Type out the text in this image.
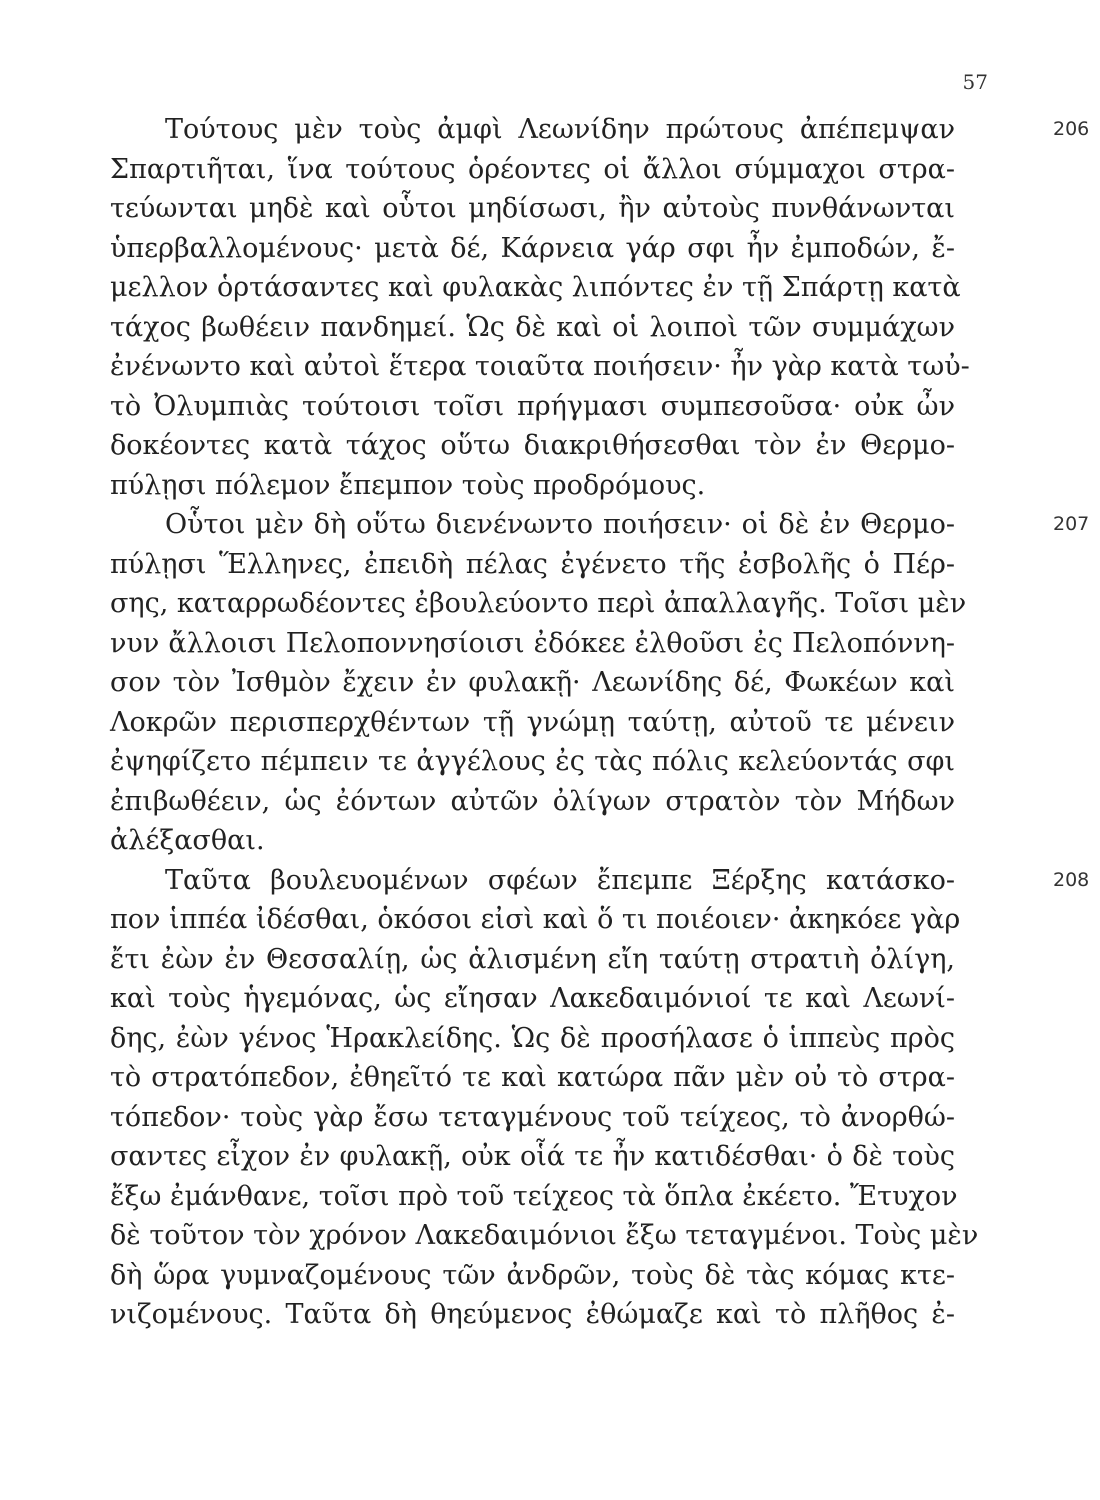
57
Τούτους μὲν τοὺς ἀμφὶ Λεωνίδην πρώτους ἀπέπεμψαν	206
Σπαρτιῆται, ἵνα τούτους ὁρέοντες οἱ ἄλλοι σύμμαχοι στρα-
τεύωνται μηδὲ καὶ οὗτοι μηδίσωσι, ἢν αὐτοὺς πυνθάνωνται
ὑπερβαλλομένους· μετὰ δέ, Κάρνεια γάρ σφι ἦν ἐμποδών, ἔ-
μελλον ὁρτάσαντες καὶ φυλακὰς λιπόντες ἐν τῇ Σπάρτῃ κατὰ
τάχος βωθέειν πανδημεί. Ὡς δὲ καὶ οἱ λοιποὶ τῶν συμμάχων
ἐνένωντο καὶ αὐτοὶ ἕτερα τοιαῦτα ποιήσειν· ἦν γὰρ κατὰ τωὐ-
τὸ Ὀλυμπιὰς τούτοισι τοῖσι πρήγμασι συμπεσοῦσα· οὐκ ὦν
δοκέοντες κατὰ τάχος οὕτω διακριθήσεσθαι τὸν ἐν Θερμο-
πύλῃσι πόλεμον ἔπεμπον τοὺς προδρόμους.
Οὗτοι μὲν δὴ οὕτω διενένωντο ποιήσειν· οἱ δὲ ἐν Θερμο-	207
πύλῃσι Ἕλληνες, ἐπειδὴ πέλας ἐγένετο τῆς ἐσβολῆς ὁ Πέρ-
σης, καταρρωδέοντες ἐβουλεύοντο περὶ ἀπαλλαγῆς. Τοῖσι μὲν
νυν ἄλλοισι Πελοποννησίοισι ἐδόκεε ἐλθοῦσι ἐς Πελοπόννη-
σον τὸν Ἰσθμὸν ἔχειν ἐν φυλακῇ· Λεωνίδης δέ, Φωκέων καὶ
Λοκρῶν περισπερχθέντων τῇ γνώμῃ ταύτῃ, αὐτοῦ τε μένειν
ἐψηφίζετο πέμπειν τε ἀγγέλους ἐς τὰς πόλις κελεύοντάς σφι
ἐπιβωθέειν, ὡς ἐόντων αὐτῶν ὀλίγων στρατὸν τὸν Μήδων
ἀλέξασθαι.
Ταῦτα βουλευομένων σφέων ἔπεμπε Ξέρξης κατάσκο-	208
πον ἱππέα ἰδέσθαι, ὁκόσοι εἰσὶ καὶ ὅ τι ποιέοιεν· ἀκηκόεε γὰρ
ἔτι ἐὼν ἐν Θεσσαλίῃ, ὡς ἁλισμένη εἴη ταύτῃ στρατιὴ ὀλίγη,
καὶ τοὺς ἡγεμόνας, ὡς εἴησαν Λακεδαιμόνιοί τε καὶ Λεωνί-
δης, ἐὼν γένος Ἡρακλείδης. Ὡς δὲ προσήλασε ὁ ἱππεὺς πρὸς
τὸ στρατόπεδον, ἐθηεῖτό τε καὶ κατώρα πᾶν μὲν οὐ τὸ στρα-
τόπεδον· τοὺς γὰρ ἔσω τεταγμένους τοῦ τείχεος, τὸ ἀνορθώ-
σαντες εἶχον ἐν φυλακῇ, οὐκ οἷά τε ἦν κατιδέσθαι· ὁ δὲ τοὺς
ἔξω ἐμάνθανε, τοῖσι πρὸ τοῦ τείχεος τὰ ὅπλα ἐκέετο. Ἔτυχον
δὲ τοῦτον τὸν χρόνον Λακεδαιμόνιοι ἔξω τεταγμένοι. Τοὺς μὲν
δὴ ὥρα γυμναζομένους τῶν ἀνδρῶν, τοὺς δὲ τὰς κόμας κτε-
νιζομένους. Ταῦτα δὴ θηεύμενος ἐθώμαζε καὶ τὸ πλῆθος ἐ-
